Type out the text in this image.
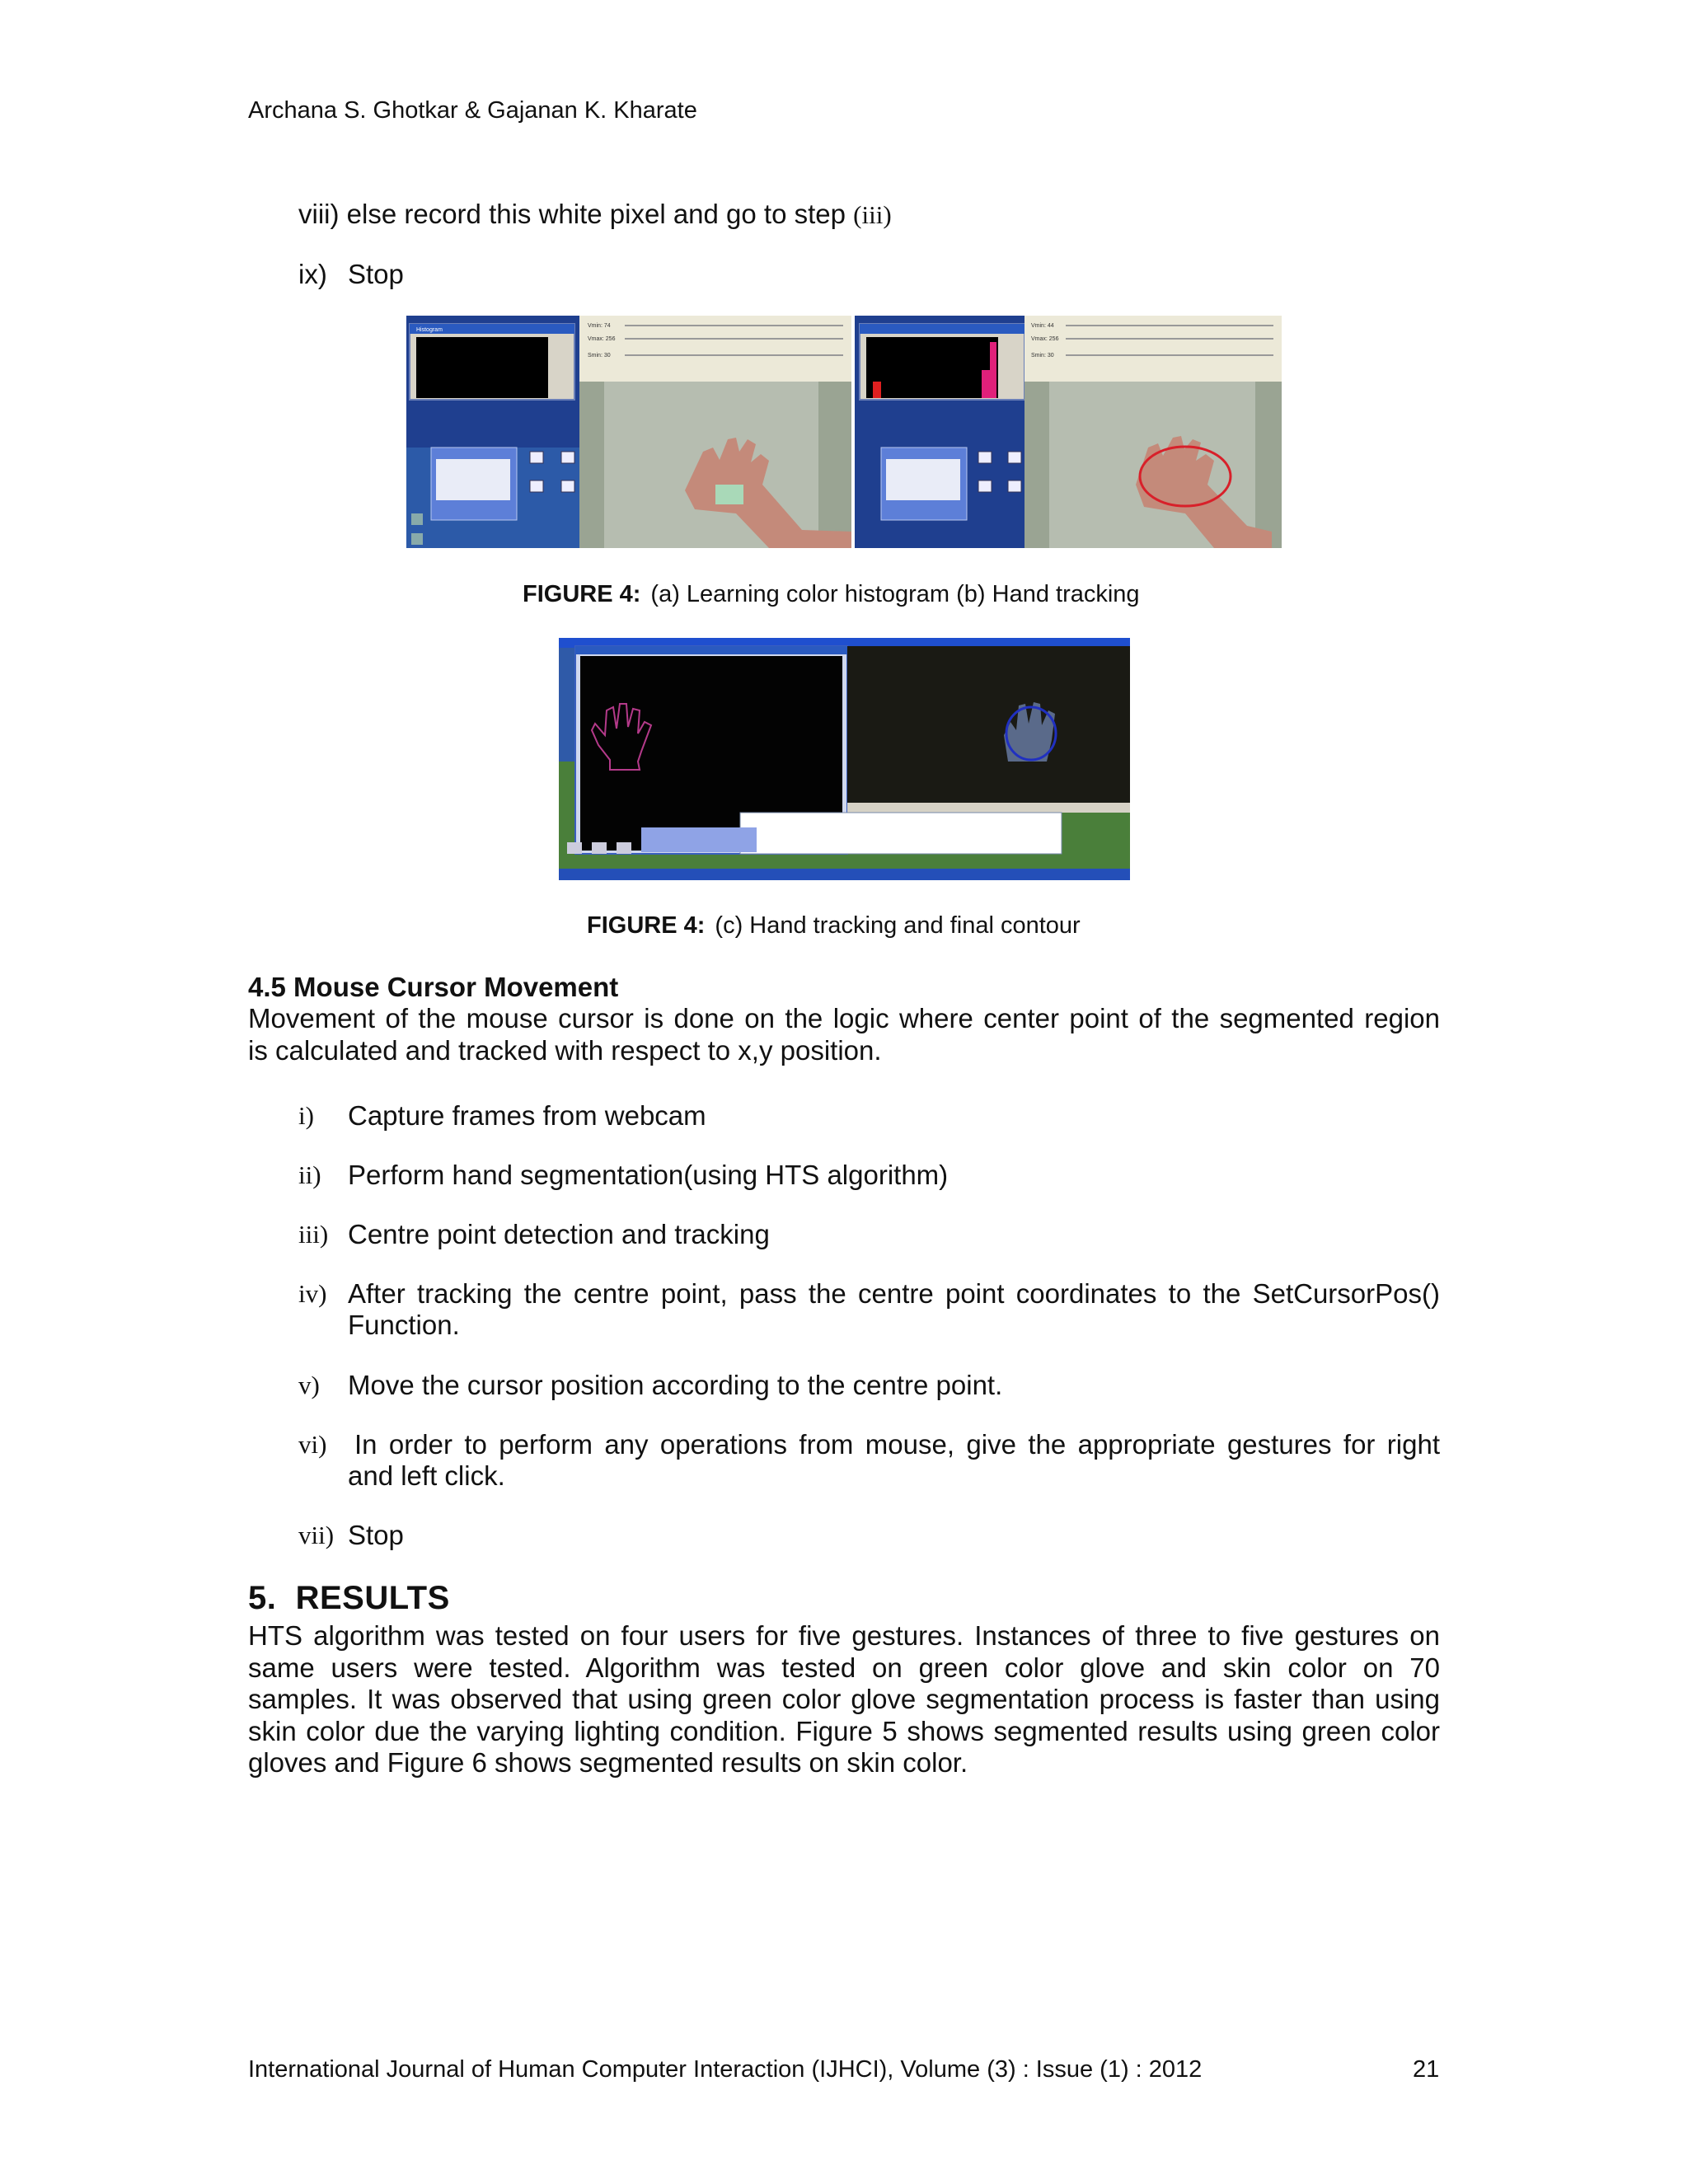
Archana S. Ghotkar & Gajanan K. Kharate
viii) else record this white pixel and go to step (iii)
ix) Stop
Histogram
Vmin: 74
Vmax: 256
Smin: 30
Vmin: 44
Vmax: 256
Smin: 30
FIGURE 4: (a) Learning color histogram (b) Hand tracking
FIGURE 4: (c) Hand tracking and final contour
4.5 Mouse Cursor Movement
Movement of the mouse cursor is done on the logic where center point of the segmented region
is calculated and tracked with respect to x,y position.
i)	Capture frames from webcam
ii) Perform hand segmentation(using HTS algorithm)
iii) Centre point detection and tracking
iv) After tracking the centre point, pass the centre point coordinates to the SetCursorPos()
Function.
v)	Move the cursor position according to the centre point.
vi)	In order to perform any operations from mouse, give the appropriate gestures for right
and left click.
vii) Stop
5.  RESULTS
HTS algorithm was tested on four users for five gestures. Instances of three to five gestures on
same users were tested. Algorithm was tested on green color glove and skin color on 70
samples. It was observed that using green color glove segmentation process is faster than using
skin color due the varying lighting condition. Figure 5 shows segmented results using green color
gloves and Figure 6 shows segmented results on skin color.
International Journal of Human Computer Interaction (IJHCI), Volume (3) : Issue (1) : 2012	21
